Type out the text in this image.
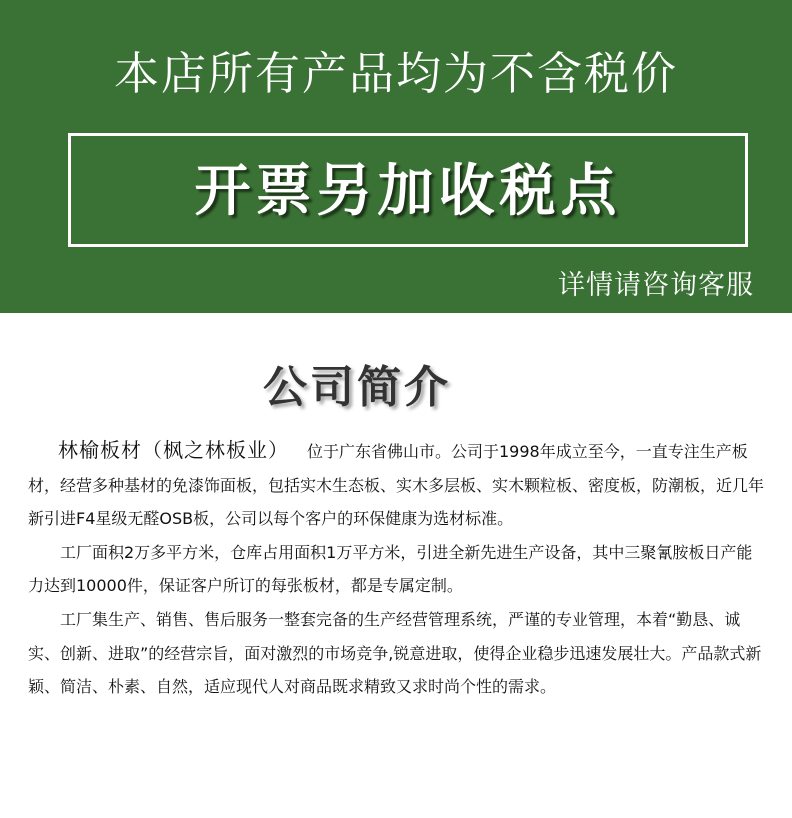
本店所有产品均为不含税价
开票另加收税点
详情请咨询客服
公司简介

林榆板材（枫之林板业） 位于广东省佛山市。公司于1998年成立至今，一直专注生产板材，经营多种基材的免漆饰面板，包括实木生态板、实木多层板、实木颗粒板、密度板，防潮板，近几年新引进F4星级无醛OSB板，公司以每个客户的环保健康为选材标准。

工厂面积2万多平方米，仓库占用面积1万平方米，引进全新先进生产设备，其中三聚氰胺板日产能力达到10000件，保证客户所订的每张板材，都是专属定制。

工厂集生产、销售、售后服务一整套完备的生产经营管理系统，严谨的专业管理，本着“勤恳、诚实、创新、进取”的经营宗旨，面对激烈的市场竞争,锐意进取，使得企业稳步迅速发展壮大。产品款式新颖、简洁、朴素、自然，适应现代人对商品既求精致又求时尚个性的需求。
